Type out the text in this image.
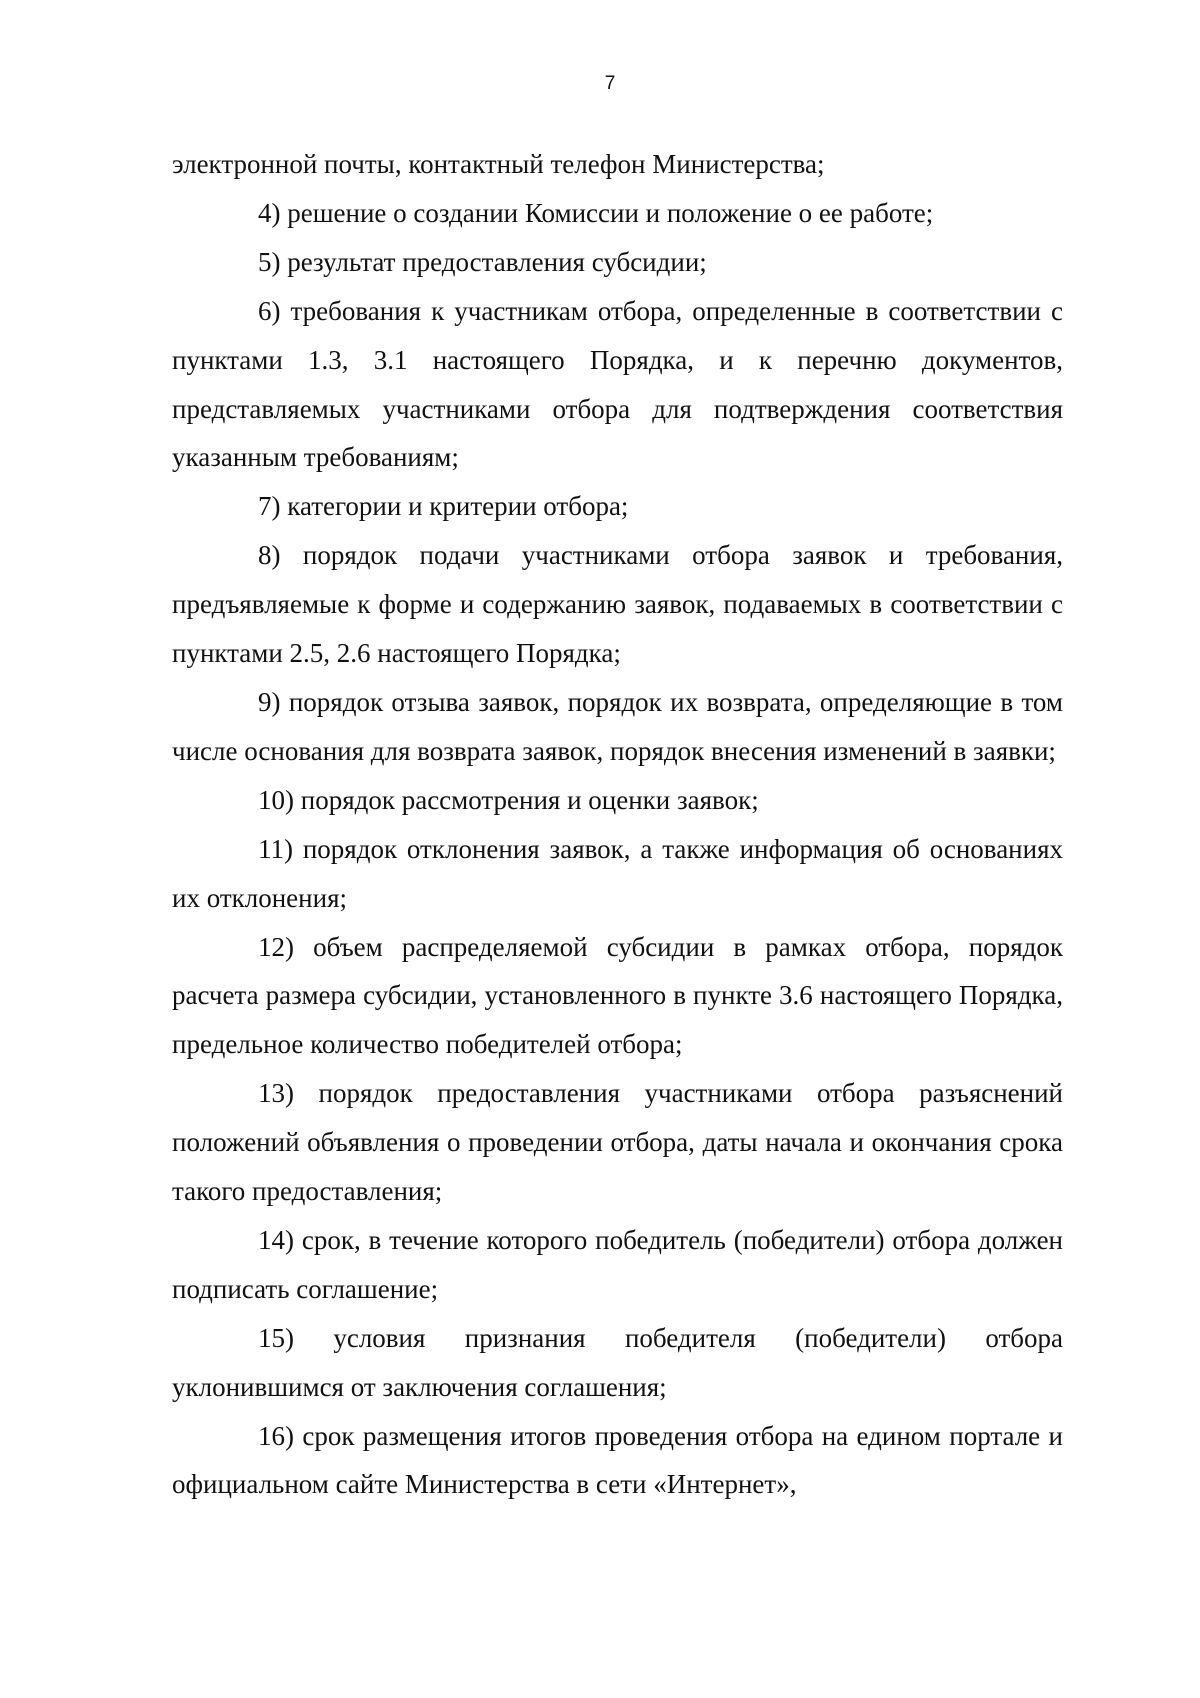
7

электронной почты, контактный телефон Министерства;

4) решение о создании Комиссии и положение о ее работе;

5) результат предоставления субсидии;

6) требования к участникам отбора, определенные в соответствии с пунктами 1.3, 3.1 настоящего Порядка, и к перечню документов, представляемых участниками отбора для подтверждения соответствия указанным требованиям;

7) категории и критерии отбора;

8) порядок подачи участниками отбора заявок и требования, предъявляемые к форме и содержанию заявок, подаваемых в соответствии с пунктами 2.5, 2.6 настоящего Порядка;

9) порядок отзыва заявок, порядок их возврата, определяющие в том числе основания для возврата заявок, порядок внесения изменений в заявки;

10) порядок рассмотрения и оценки заявок;

11) порядок отклонения заявок, а также информация об основаниях их отклонения;

12) объем распределяемой субсидии в рамках отбора, порядок расчета размера субсидии, установленного в пункте 3.6 настоящего Порядка, предельное количество победителей отбора;

13) порядок предоставления участниками отбора разъяснений положений объявления о проведении отбора, даты начала и окончания срока такого предоставления;

14) срок, в течение которого победитель (победители) отбора должен подписать соглашение;

15) условия признания победителя (победители) отбора уклонившимся от заключения соглашения;

16) срок размещения итогов проведения отбора на едином портале и официальном сайте Министерства в сети «Интернет»,
